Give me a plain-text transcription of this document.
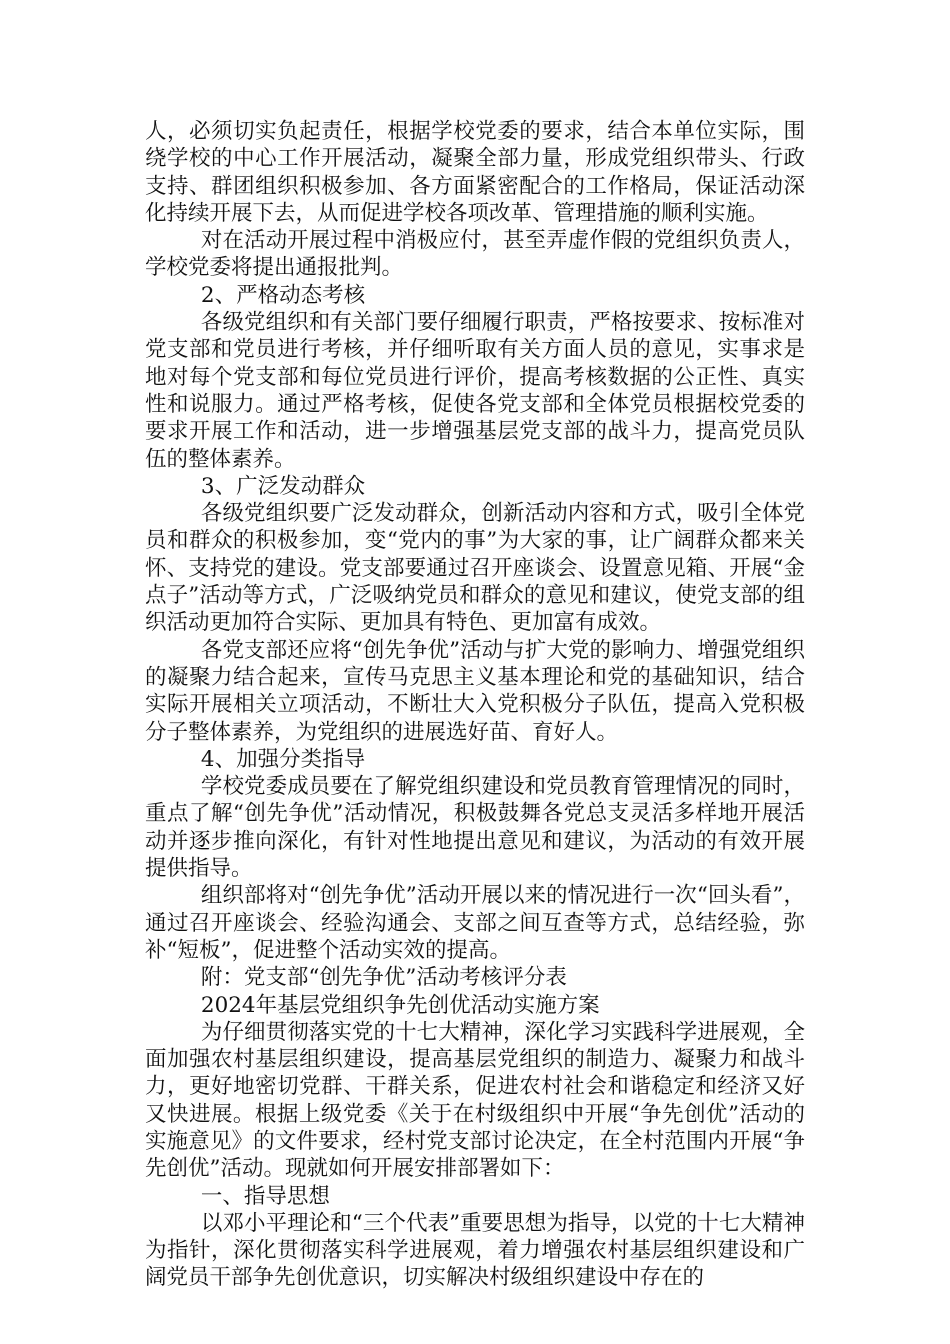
人，必须切实负起责任，根据学校党委的要求，结合本单位实际，围绕学校的中心工作开展活动，凝聚全部力量，形成党组织带头、行政支持、群团组织积极参加、各方面紧密配合的工作格局，保证活动深化持续开展下去，从而促进学校各项改革、管理措施的顺利实施。

对在活动开展过程中消极应付，甚至弄虚作假的党组织负责人，学校党委将提出通报批判。

2、严格动态考核

各级党组织和有关部门要仔细履行职责，严格按要求、按标准对党支部和党员进行考核，并仔细听取有关方面人员的意见，实事求是地对每个党支部和每位党员进行评价，提高考核数据的公正性、真实性和说服力。通过严格考核，促使各党支部和全体党员根据校党委的要求开展工作和活动，进一步增强基层党支部的战斗力，提高党员队伍的整体素养。

3、广泛发动群众

各级党组织要广泛发动群众，创新活动内容和方式，吸引全体党员和群众的积极参加，变“党内的事”为大家的事，让广阔群众都来关怀、支持党的建设。党支部要通过召开座谈会、设置意见箱、开展“金点子”活动等方式，广泛吸纳党员和群众的意见和建议，使党支部的组织活动更加符合实际、更加具有特色、更加富有成效。

各党支部还应将“创先争优”活动与扩大党的影响力、增强党组织的凝聚力结合起来，宣传马克思主义基本理论和党的基础知识，结合实际开展相关立项活动，不断壮大入党积极分子队伍，提高入党积极分子整体素养，为党组织的进展选好苗、育好人。

4、加强分类指导

学校党委成员要在了解党组织建设和党员教育管理情况的同时，重点了解“创先争优”活动情况，积极鼓舞各党总支灵活多样地开展活动并逐步推向深化，有针对性地提出意见和建议，为活动的有效开展提供指导。

组织部将对“创先争优”活动开展以来的情况进行一次“回头看”，通过召开座谈会、经验沟通会、支部之间互查等方式，总结经验，弥补“短板”，促进整个活动实效的提高。

附：党支部“创先争优”活动考核评分表

2024年基层党组织争先创优活动实施方案

为仔细贯彻落实党的十七大精神，深化学习实践科学进展观，全面加强农村基层组织建设，提高基层党组织的制造力、凝聚力和战斗力，更好地密切党群、干群关系，促进农村社会和谐稳定和经济又好又快进展。根据上级党委《关于在村级组织中开展“争先创优”活动的实施意见》的文件要求，经村党支部讨论决定，在全村范围内开展“争先创优”活动。现就如何开展安排部署如下：

一、指导思想

以邓小平理论和“三个代表”重要思想为指导，以党的十七大精神为指针，深化贯彻落实科学进展观，着力增强农村基层组织建设和广阔党员干部争先创优意识，切实解决村级组织建设中存在的
